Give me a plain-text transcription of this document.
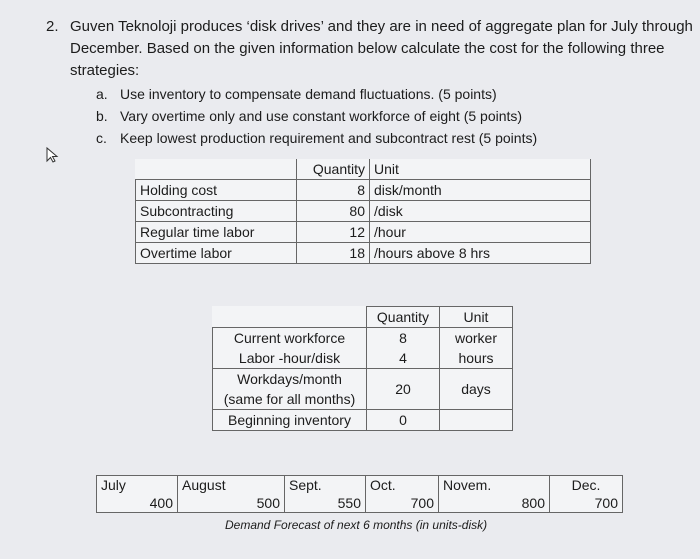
2. Guven Teknoloji produces ‘disk drives’ and they are in need of aggregate plan for July through
December. Based on the given information below calculate the cost for the following three
strategies:
a. Use inventory to compensate demand fluctuations. (5 points)
b. Vary overtime only and use constant workforce of eight (5 points)
c. Keep lowest production requirement and subcontract rest (5 points)
	Quantity	Unit
Holding cost	8	disk/month
Subcontracting	80	/disk
Regular time labor	12	/hour
Overtime labor	18	/hours above 8 hrs
	Quantity	Unit
Current workforce	8	worker
Labor -hour/disk	4	hours
Workdays/month	20	days
(same for all months)		
Beginning inventory	0	
July	August	Sept.	Oct.	Novem.	Dec.
400	500	550	700	800	700
Demand Forecast of next 6 months (in units-disk)
